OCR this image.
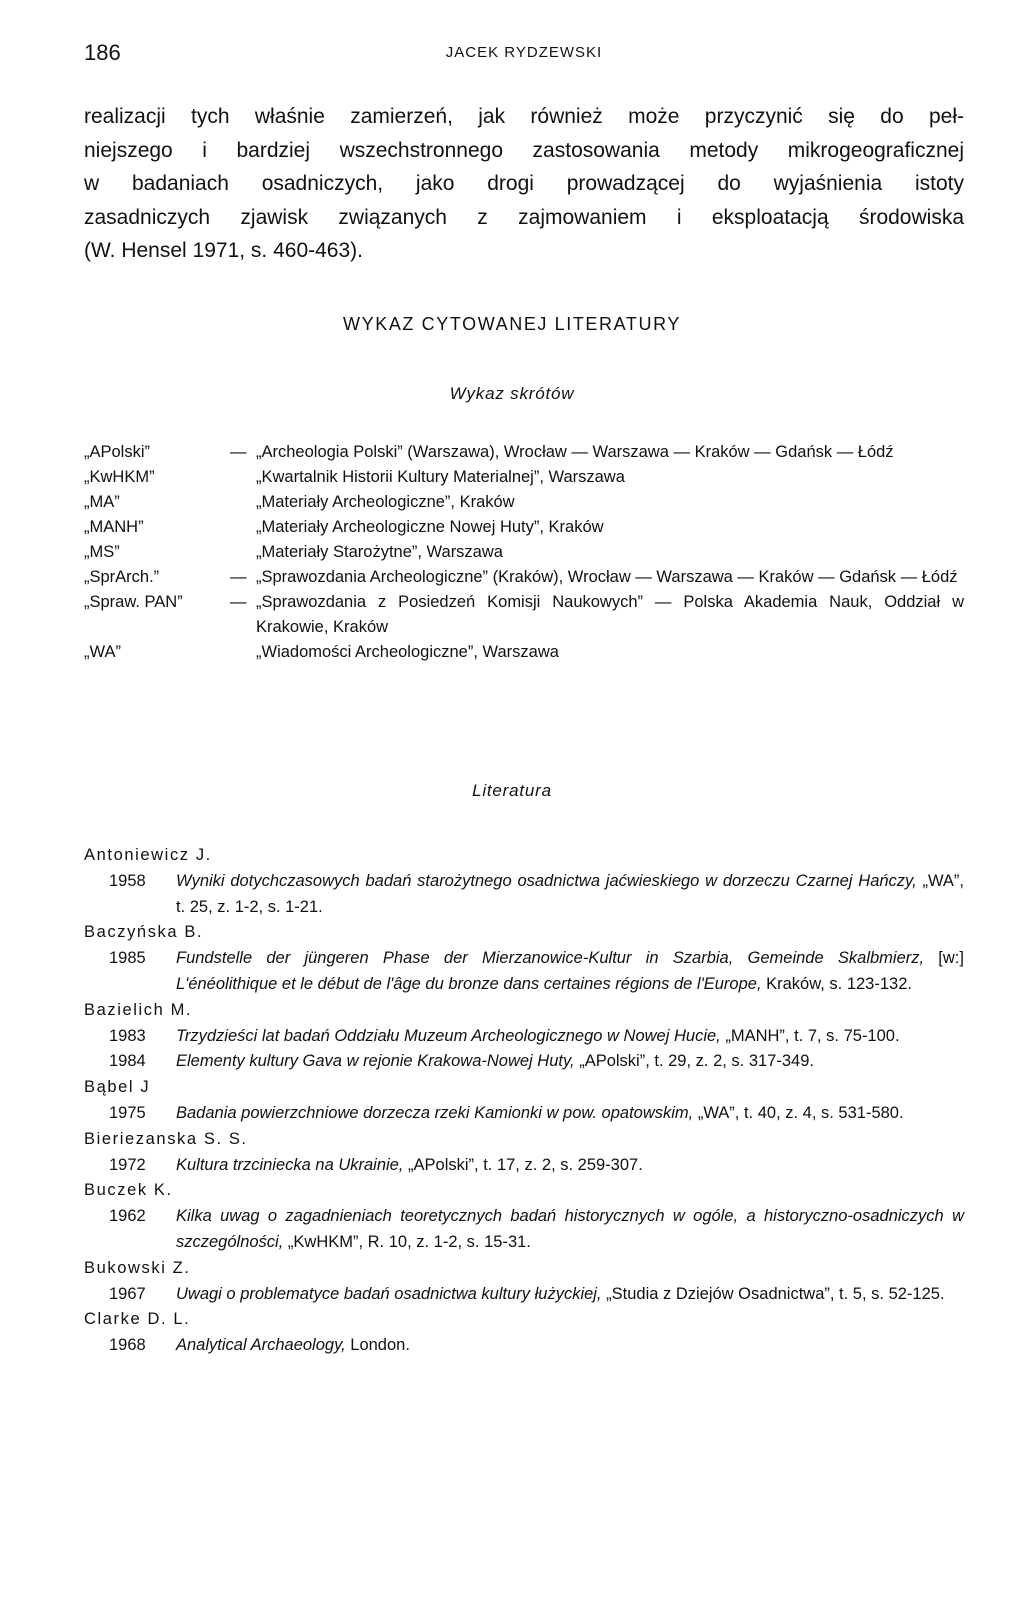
186	JACEK RYDZEWSKI
realizacji tych właśnie zamierzeń, jak również może przyczynić się do peł-
niejszego i bardziej wszechstronnego zastosowania metody mikrogeograficznej
w badaniach osadniczych, jako drogi prowadzącej do wyjaśnienia istoty
zasadniczych zjawisk związanych z zajmowaniem i eksploatacją środowiska
(W. Hensel 1971, s. 460-463).
WYKAZ CYTOWANEJ LITERATURY
Wykaz skrótów
„APolski”	— „Archeologia Polski” (Warszawa), Wrocław — Warszawa — Kraków — Gdańsk — Łódź
„KwHKM”	„Kwartalnik Historii Kultury Materialnej”, Warszawa
„MA”	„Materiały Archeologiczne”, Kraków
„MANH”	„Materiały Archeologiczne Nowej Huty”, Kraków
„MS”	„Materiały Starożytne”, Warszawa
„SprArch.”	— „Sprawozdania Archeologiczne” (Kraków), Wrocław — Warszawa — Kraków — Gdańsk — Łódź
„Spraw. PAN”	— „Sprawozdania z Posiedzeń Komisji Naukowych” — Polska Akademia Nauk, Oddział w Krakowie, Kraków
„WA”	„Wiadomości Archeologiczne”, Warszawa
Literatura
Antoniewicz J.
1958	Wyniki dotychczasowych badań starożytnego osadnictwa jaćwieskiego w dorzeczu Czarnej Hańczy, „WA”, t. 25, z. 1-2, s. 1-21.
Baczyńska B.
1985	Fundstelle der jüngeren Phase der Mierzanowice-Kultur in Szarbia, Gemeinde Skalbmierz, [w:] L'énéolithique et le début de l'âge du bronze dans certaines régions de l'Europe, Kraków, s. 123-132.
Bazielich M.
1983	Trzydzieści lat badań Oddziału Muzeum Archeologicznego w Nowej Hucie, „MANH”, t. 7, s. 75-100.
1984	Elementy kultury Gava w rejonie Krakowa-Nowej Huty, „APolski”, t. 29, z. 2, s. 317-349.
Bąbel J
1975	Badania powierzchniowe dorzecza rzeki Kamionki w pow. opatowskim, „WA”, t. 40, z. 4, s. 531-580.
Bieriezanska S. S.
1972	Kultura trzcinieckа na Ukrainie, „APolski”, t. 17, z. 2, s. 259-307.
Buczek K.
1962	Kilka uwag o zagadnieniach teoretycznych badań historycznych w ogóle, a historyczno-osadniczych w szczególności, „KwHKM”, R. 10, z. 1-2, s. 15-31.
Bukowski Z.
1967	Uwagi o problematyce badań osadnictwa kultury łużyckiej, „Studia z Dziejów Osadnictwa”, t. 5, s. 52-125.
Clarke D. L.
1968	Analytical Archaeology, London.
